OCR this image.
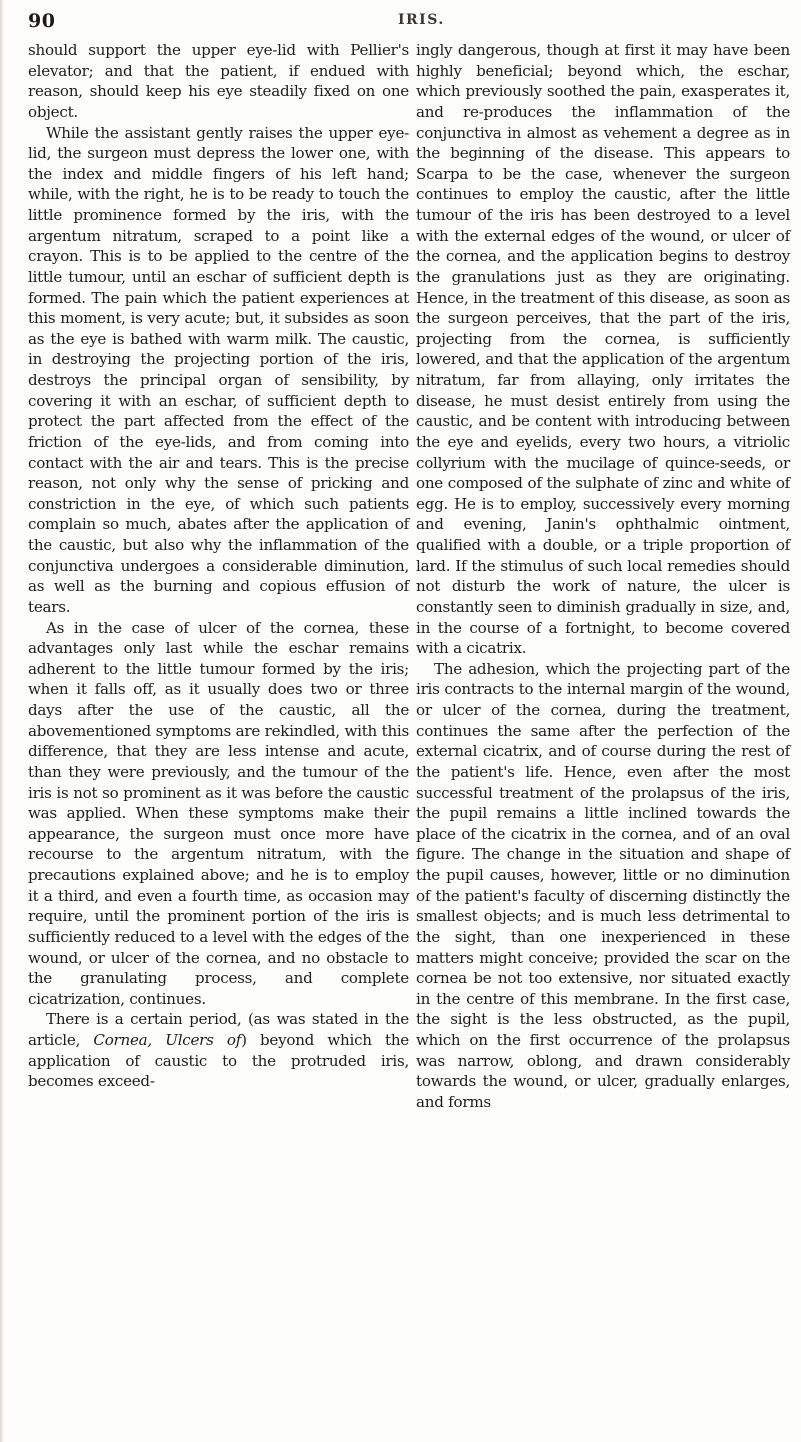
90	IRIS.

should support the upper eye-lid with Pellier's elevator; and that the patient, if endued with reason, should keep his eye steadily fixed on one object.

While the assistant gently raises the upper eye-lid, the surgeon must depress the lower one, with the index and middle fingers of his left hand; while, with the right, he is to be ready to touch the little prominence formed by the iris, with the argentum nitratum, scraped to a point like a crayon. This is to be applied to the centre of the little tumour, until an eschar of sufficient depth is formed. The pain which the patient experiences at this moment, is very acute; but, it subsides as soon as the eye is bathed with warm milk. The caustic, in destroying the projecting portion of the iris, destroys the principal organ of sensibility, by covering it with an eschar, of sufficient depth to protect the part affected from the effect of the friction of the eye-lids, and from coming into contact with the air and tears. This is the precise reason, not only why the sense of pricking and constriction in the eye, of which such patients complain so much, abates after the application of the caustic, but also why the inflammation of the conjunctiva undergoes a considerable diminution, as well as the burning and copious effusion of tears.

As in the case of ulcer of the cornea, these advantages only last while the eschar remains adherent to the little tumour formed by the iris; when it falls off, as it usually does two or three days after the use of the caustic, all the abovementioned symptoms are rekindled, with this difference, that they are less intense and acute, than they were previously, and the tumour of the iris is not so prominent as it was before the caustic was applied. When these symptoms make their appearance, the surgeon must once more have recourse to the argentum nitratum, with the precautions explained above; and he is to employ it a third, and even a fourth time, as occasion may require, until the prominent portion of the iris is sufficiently reduced to a level with the edges of the wound, or ulcer of the cornea, and no obstacle to the granulating process, and complete cicatrization, continues.

There is a certain period, (as was stated in the article, Cornea, Ulcers of) beyond which the application of caustic to the protruded iris, becomes exceed-

ingly dangerous, though at first it may have been highly beneficial; beyond which, the eschar, which previously soothed the pain, exasperates it, and re-produces the inflammation of the conjunctiva in almost as vehement a degree as in the beginning of the disease. This appears to Scarpa to be the case, whenever the surgeon continues to employ the caustic, after the little tumour of the iris has been destroyed to a level with the external edges of the wound, or ulcer of the cornea, and the application begins to destroy the granulations just as they are originating. Hence, in the treatment of this disease, as soon as the surgeon perceives, that the part of the iris, projecting from the cornea, is sufficiently lowered, and that the application of the argentum nitratum, far from allaying, only irritates the disease, he must desist entirely from using the caustic, and be content with introducing between the eye and eyelids, every two hours, a vitriolic collyrium with the mucilage of quince-seeds, or one composed of the sulphate of zinc and white of egg. He is to employ, successively every morning and evening, Janin's ophthalmic ointment, qualified with a double, or a triple proportion of lard. If the stimulus of such local remedies should not disturb the work of nature, the ulcer is constantly seen to diminish gradually in size, and, in the course of a fortnight, to become covered with a cicatrix.

The adhesion, which the projecting part of the iris contracts to the internal margin of the wound, or ulcer of the cornea, during the treatment, continues the same after the perfection of the external cicatrix, and of course during the rest of the patient's life. Hence, even after the most successful treatment of the prolapsus of the iris, the pupil remains a little inclined towards the place of the cicatrix in the cornea, and of an oval figure. The change in the situation and shape of the pupil causes, however, little or no diminution of the patient's faculty of discerning distinctly the smallest objects; and is much less detrimental to the sight, than one inexperienced in these matters might conceive; provided the scar on the cornea be not too extensive, nor situated exactly in the centre of this membrane. In the first case, the sight is the less obstructed, as the pupil, which on the first occurrence of the prolapsus was narrow, oblong, and drawn considerably towards the wound, or ulcer, gradually enlarges, and forms
